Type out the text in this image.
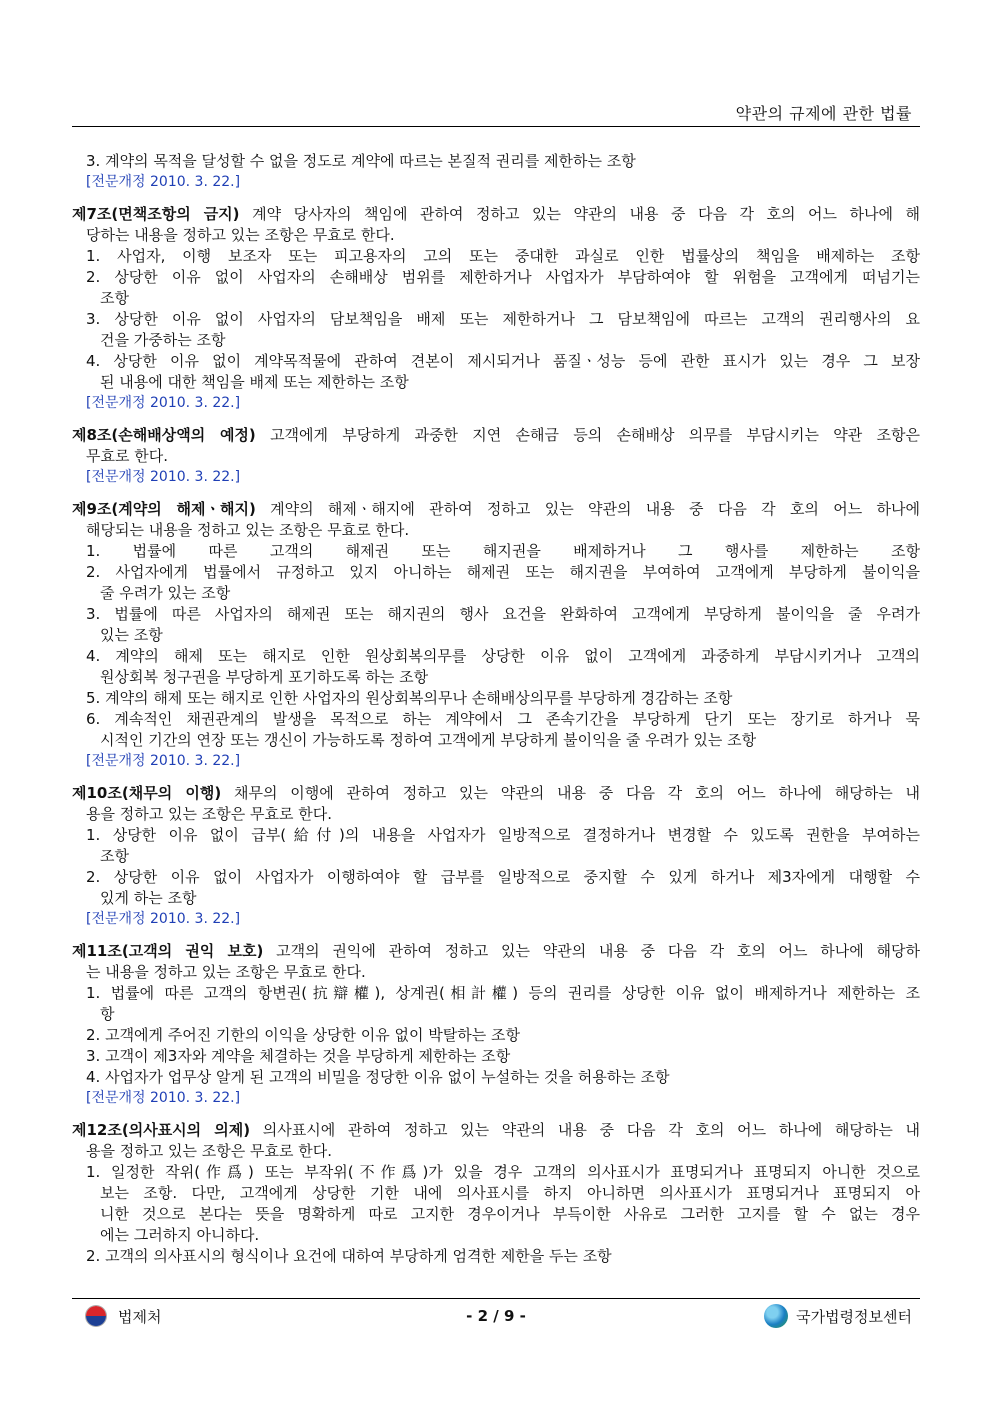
약관의 규제에 관한 법률
3. 계약의 목적을 달성할 수 없을 정도로 계약에 따르는 본질적 권리를 제한하는 조항
[전문개정 2010. 3. 22.]
제7조(면책조항의 금지) 계약 당사자의 책임에 관하여 정하고 있는 약관의 내용 중 다음 각 호의 어느 하나에 해
당하는 내용을 정하고 있는 조항은 무효로 한다.
1. 사업자, 이행 보조자 또는 피고용자의 고의 또는 중대한 과실로 인한 법률상의 책임을 배제하는 조항
2. 상당한 이유 없이 사업자의 손해배상 범위를 제한하거나 사업자가 부담하여야 할 위험을 고객에게 떠넘기는
조항
3. 상당한 이유 없이 사업자의 담보책임을 배제 또는 제한하거나 그 담보책임에 따르는 고객의 권리행사의 요
건을 가중하는 조항
4. 상당한 이유 없이 계약목적물에 관하여 견본이 제시되거나 품질ㆍ성능 등에 관한 표시가 있는 경우 그 보장
된 내용에 대한 책임을 배제 또는 제한하는 조항
[전문개정 2010. 3. 22.]
제8조(손해배상액의 예정) 고객에게 부당하게 과중한 지연 손해금 등의 손해배상 의무를 부담시키는 약관 조항은
무효로 한다.
[전문개정 2010. 3. 22.]
제9조(계약의 해제ㆍ해지) 계약의 해제ㆍ해지에 관하여 정하고 있는 약관의 내용 중 다음 각 호의 어느 하나에
해당되는 내용을 정하고 있는 조항은 무효로 한다.
1. 법률에 따른 고객의 해제권 또는 해지권을 배제하거나 그 행사를 제한하는 조항
2. 사업자에게 법률에서 규정하고 있지 아니하는 해제권 또는 해지권을 부여하여 고객에게 부당하게 불이익을
줄 우려가 있는 조항
3. 법률에 따른 사업자의 해제권 또는 해지권의 행사 요건을 완화하여 고객에게 부당하게 불이익을 줄 우려가
있는 조항
4. 계약의 해제 또는 해지로 인한 원상회복의무를 상당한 이유 없이 고객에게 과중하게 부담시키거나 고객의
원상회복 청구권을 부당하게 포기하도록 하는 조항
5. 계약의 해제 또는 해지로 인한 사업자의 원상회복의무나 손해배상의무를 부당하게 경감하는 조항
6. 계속적인 채권관계의 발생을 목적으로 하는 계약에서 그 존속기간을 부당하게 단기 또는 장기로 하거나 묵
시적인 기간의 연장 또는 갱신이 가능하도록 정하여 고객에게 부당하게 불이익을 줄 우려가 있는 조항
[전문개정 2010. 3. 22.]
제10조(채무의 이행) 채무의 이행에 관하여 정하고 있는 약관의 내용 중 다음 각 호의 어느 하나에 해당하는 내
용을 정하고 있는 조항은 무효로 한다.
1. 상당한 이유 없이 급부(給付)의 내용을 사업자가 일방적으로 결정하거나 변경할 수 있도록 권한을 부여하는
조항
2. 상당한 이유 없이 사업자가 이행하여야 할 급부를 일방적으로 중지할 수 있게 하거나 제3자에게 대행할 수
있게 하는 조항
[전문개정 2010. 3. 22.]
제11조(고객의 권익 보호) 고객의 권익에 관하여 정하고 있는 약관의 내용 중 다음 각 호의 어느 하나에 해당하
는 내용을 정하고 있는 조항은 무효로 한다.
1. 법률에 따른 고객의 항변권(抗辯權), 상계권(相計權) 등의 권리를 상당한 이유 없이 배제하거나 제한하는 조
항
2. 고객에게 주어진 기한의 이익을 상당한 이유 없이 박탈하는 조항
3. 고객이 제3자와 계약을 체결하는 것을 부당하게 제한하는 조항
4. 사업자가 업무상 알게 된 고객의 비밀을 정당한 이유 없이 누설하는 것을 허용하는 조항
[전문개정 2010. 3. 22.]
제12조(의사표시의 의제) 의사표시에 관하여 정하고 있는 약관의 내용 중 다음 각 호의 어느 하나에 해당하는 내
용을 정하고 있는 조항은 무효로 한다.
1. 일정한 작위(作爲) 또는 부작위(不作爲)가 있을 경우 고객의 의사표시가 표명되거나 표명되지 아니한 것으로
보는 조항. 다만, 고객에게 상당한 기한 내에 의사표시를 하지 아니하면 의사표시가 표명되거나 표명되지 아
니한 것으로 본다는 뜻을 명확하게 따로 고지한 경우이거나 부득이한 사유로 그러한 고지를 할 수 없는 경우
에는 그러하지 아니하다.
2. 고객의 의사표시의 형식이나 요건에 대하여 부당하게 엄격한 제한을 두는 조항
법제처	- 2 / 9 -	국가법령정보센터
